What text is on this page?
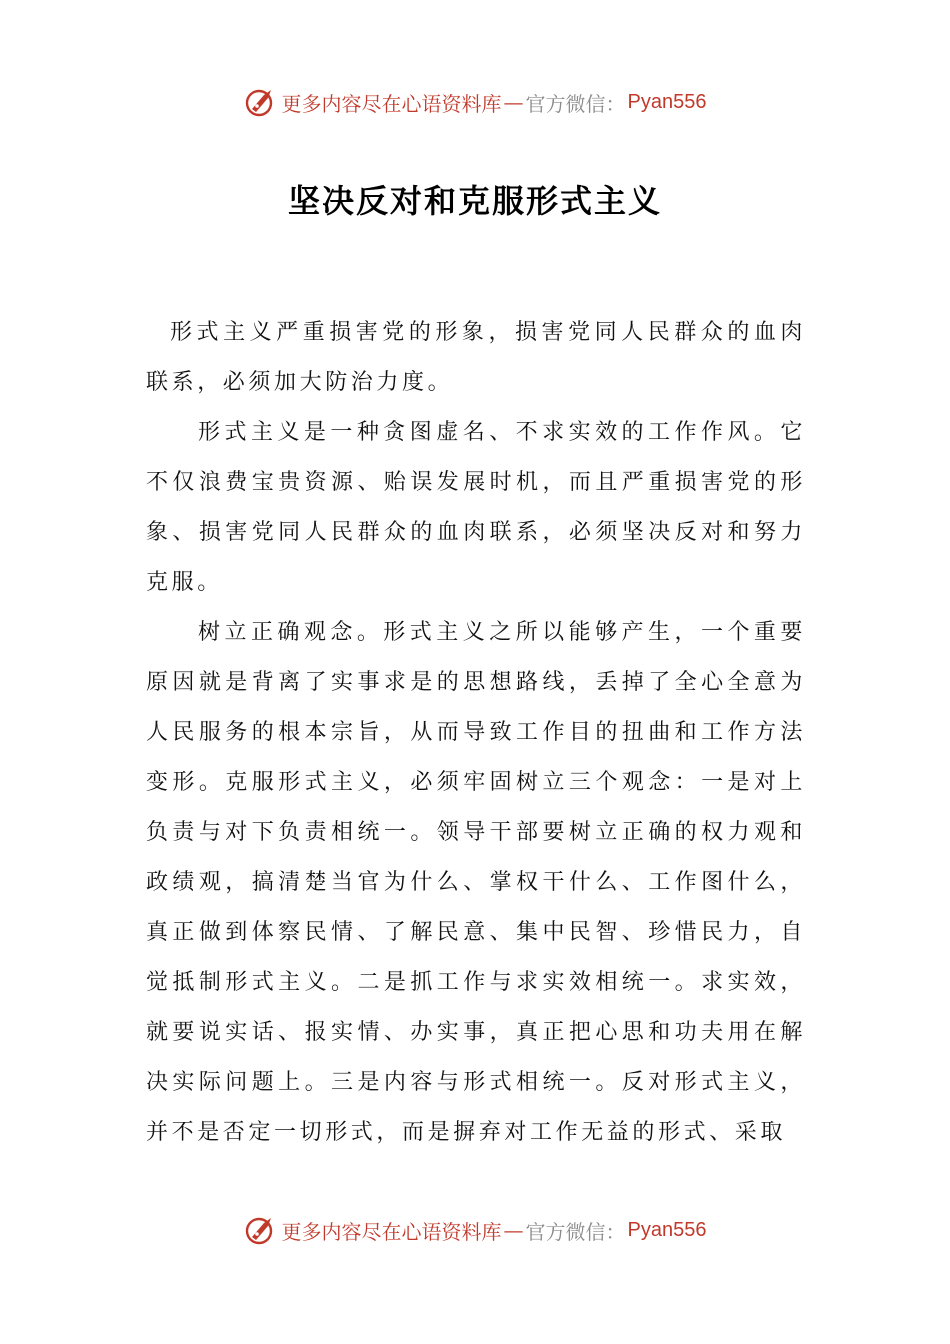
更多内容尽在心语资料库 — 官方微信： Pyan556
坚决反对和克服形式主义

形式主义严重损害党的形象，损害党同人民群众的血肉联系，必须加大防治力度。

形式主义是一种贪图虚名、不求实效的工作作风。它不仅浪费宝贵资源、贻误发展时机，而且严重损害党的形象、损害党同人民群众的血肉联系，必须坚决反对和努力克服。

树立正确观念。形式主义之所以能够产生，一个重要原因就是背离了实事求是的思想路线，丢掉了全心全意为人民服务的根本宗旨，从而导致工作目的扭曲和工作方法变形。克服形式主义，必须牢固树立三个观念：一是对上负责与对下负责相统一。领导干部要树立正确的权力观和政绩观，搞清楚当官为什么、掌权干什么、工作图什么，真正做到体察民情、了解民意、集中民智、珍惜民力，自觉抵制形式主义。二是抓工作与求实效相统一。求实效，就要说实话、报实情、办实事，真正把心思和功夫用在解决实际问题上。三是内容与形式相统一。反对形式主义，并不是否定一切形式，而是摒弃对工作无益的形式、采取

更多内容尽在心语资料库 — 官方微信： Pyan556
